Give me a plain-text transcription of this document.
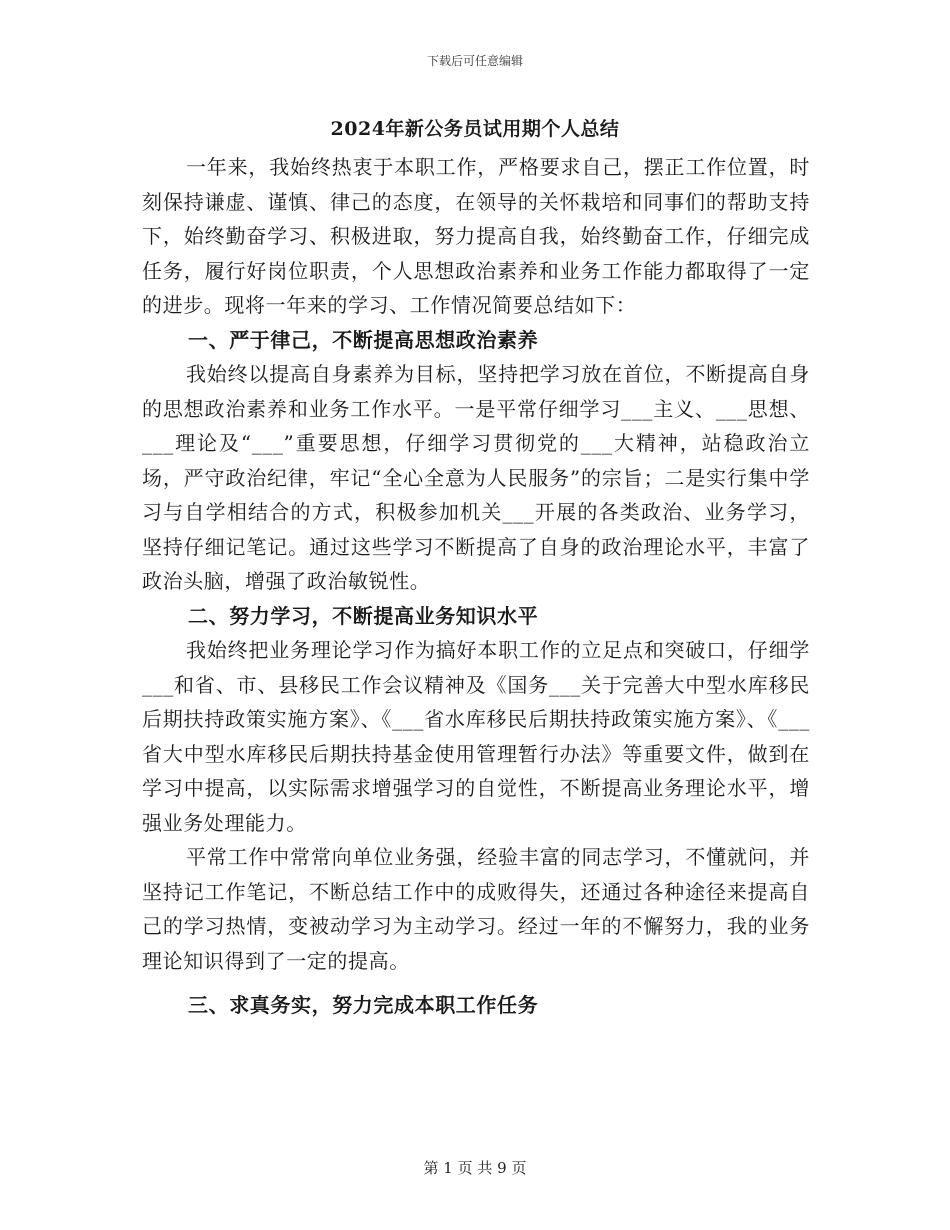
下载后可任意编辑
2024年新公务员试用期个人总结

一年来，我始终热衷于本职工作，严格要求自己，摆正工作位置，时刻保持谦虚、谨慎、律己的态度，在领导的关怀栽培和同事们的帮助支持下，始终勤奋学习、积极进取，努力提高自我，始终勤奋工作，仔细完成任务，履行好岗位职责，个人思想政治素养和业务工作能力都取得了一定的进步。现将一年来的学习、工作情况简要总结如下：

一、严于律己，不断提高思想政治素养

我始终以提高自身素养为目标，坚持把学习放在首位，不断提高自身的思想政治素养和业务工作水平。一是平常仔细学习___主义、___思想、___理论及“___”重要思想，仔细学习贯彻党的___大精神，站稳政治立场，严守政治纪律，牢记“全心全意为人民服务”的宗旨；二是实行集中学习与自学相结合的方式，积极参加机关___开展的各类政治、业务学习，坚持仔细记笔记。通过这些学习不断提高了自身的政治理论水平，丰富了政治头脑，增强了政治敏锐性。

二、努力学习，不断提高业务知识水平

我始终把业务理论学习作为搞好本职工作的立足点和突破口，仔细学___和省、市、县移民工作会议精神及《国务___关于完善大中型水库移民后期扶持政策实施方案》、《___省水库移民后期扶持政策实施方案》、《___省大中型水库移民后期扶持基金使用管理暂行办法》等重要文件，做到在学习中提高，以实际需求增强学习的自觉性，不断提高业务理论水平，增强业务处理能力。

平常工作中常常向单位业务强，经验丰富的同志学习，不懂就问，并坚持记工作笔记，不断总结工作中的成败得失，还通过各种途径来提高自己的学习热情，变被动学习为主动学习。经过一年的不懈努力，我的业务理论知识得到了一定的提高。

三、求真务实，努力完成本职工作任务

第 1 页 共 9 页
